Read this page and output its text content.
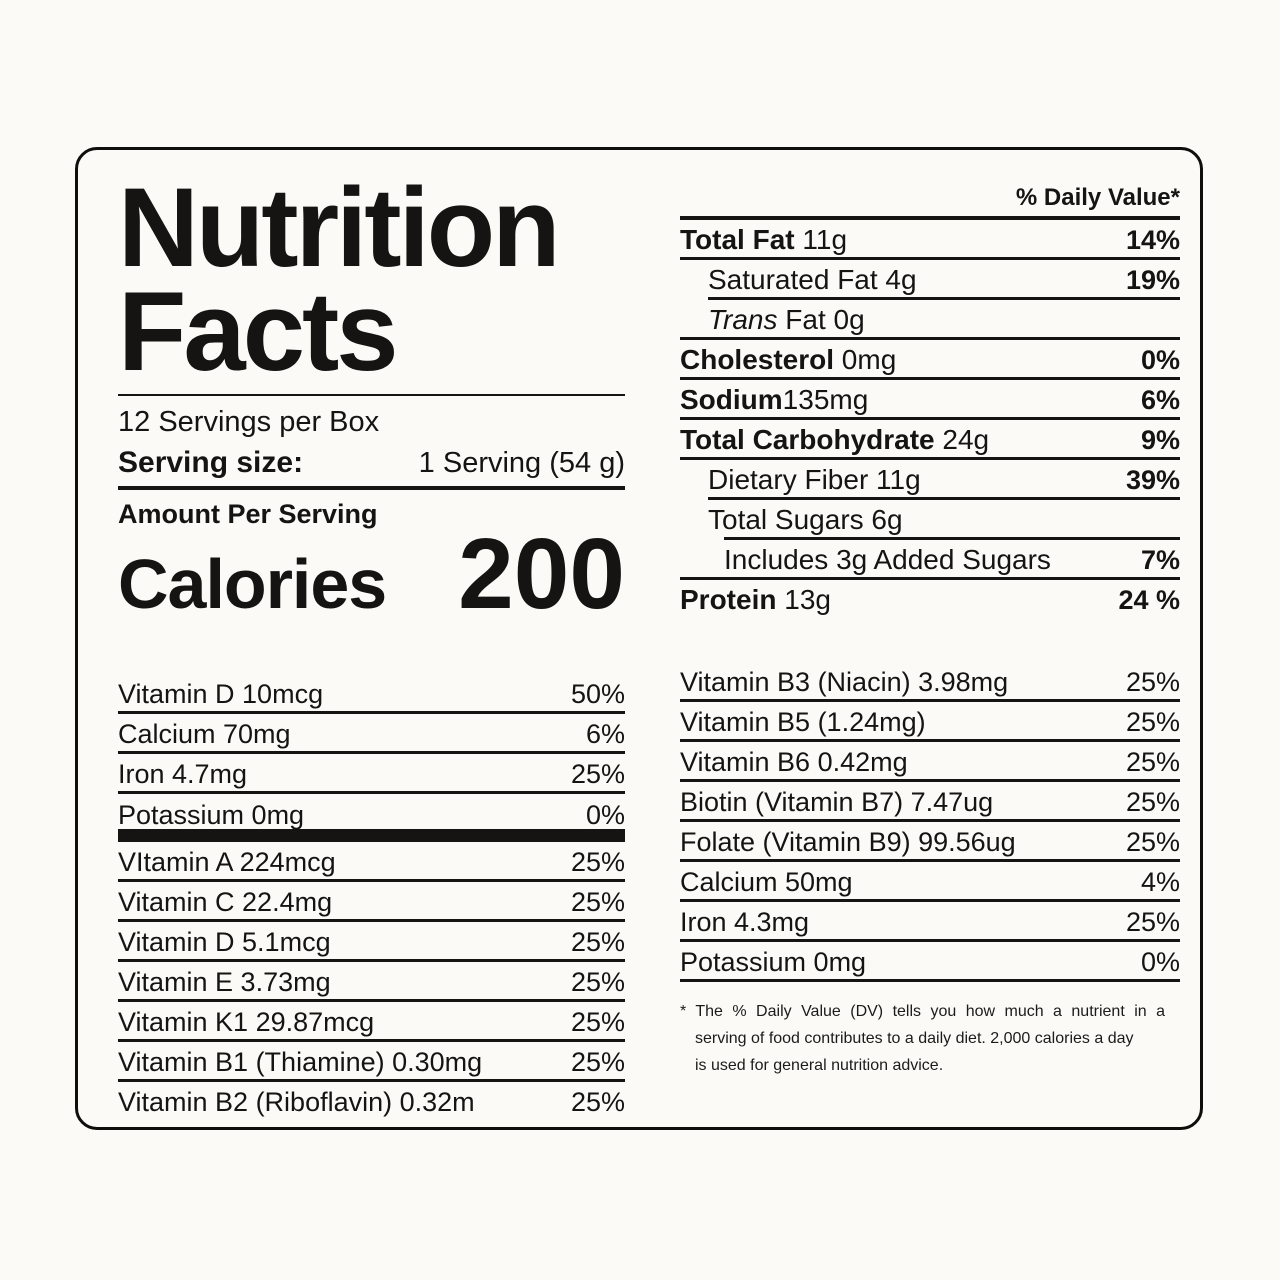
Nutrition
Facts
12 Servings per Box
Serving size:	1 Serving (54 g)
Amount Per Serving
Calories 200
Vitamin D 10mcg	50%
Calcium 70mg	6%
Iron 4.7mg	25%
Potassium 0mg	0%
VItamin A 224mcg	25%
Vitamin C 22.4mg	25%
Vitamin D 5.1mcg	25%
Vitamin E 3.73mg	25%
Vitamin K1 29.87mcg	25%
Vitamin B1 (Thiamine) 0.30mg	25%
Vitamin B2 (Riboflavin) 0.32m	25%
% Daily Value*
Total Fat 11g	14%
Saturated Fat 4g	19%
Trans Fat 0g
Cholesterol 0mg	0%
Sodium135mg	6%
Total Carbohydrate 24g	9%
Dietary Fiber 11g	39%
Total Sugars 6g
Includes 3g Added Sugars	7%
Protein 13g	24 %
Vitamin B3 (Niacin) 3.98mg	25%
Vitamin B5 (1.24mg)	25%
Vitamin B6 0.42mg	25%
Biotin (Vitamin B7) 7.47ug	25%
Folate (Vitamin B9) 99.56ug	25%
Calcium 50mg	4%
Iron 4.3mg	25%
Potassium 0mg	0%
* The % Daily Value (DV) tells you how much a nutrient in a
serving of food contributes to a daily diet. 2,000 calories a day
is used for general nutrition advice.
